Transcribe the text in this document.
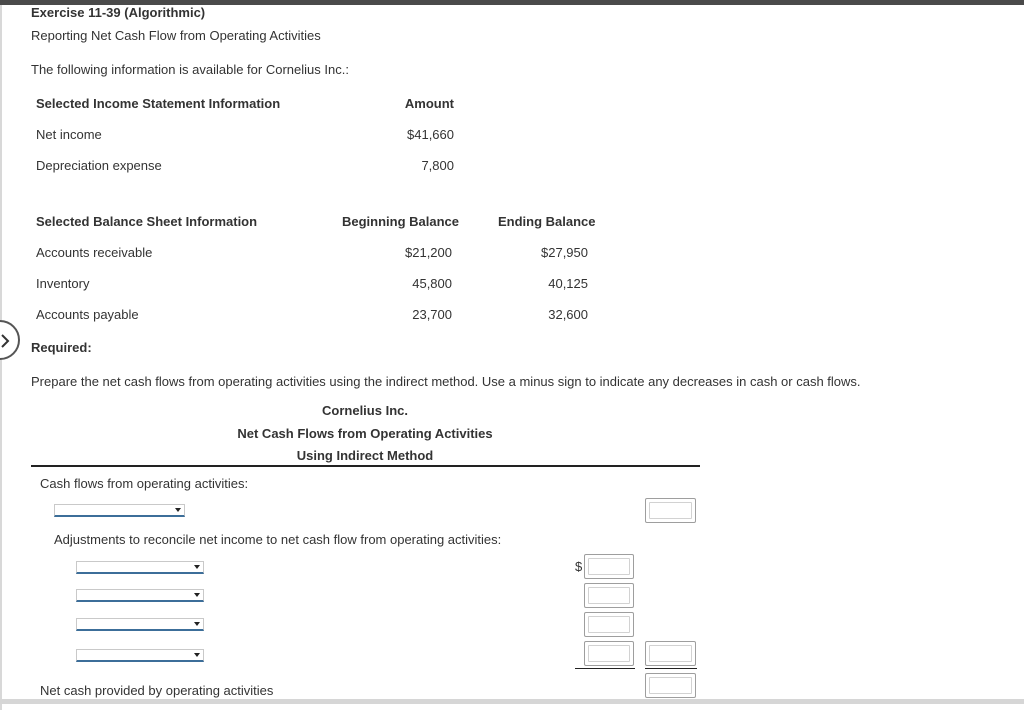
Exercise 11-39 (Algorithmic)
Reporting Net Cash Flow from Operating Activities
The following information is available for Cornelius Inc.:
Selected Income Statement Information	Amount
Net income	$41,660
Depreciation expense	7,800
Selected Balance Sheet Information	Beginning Balance	Ending Balance
Accounts receivable	$21,200	$27,950
Inventory	45,800	40,125
Accounts payable	23,700	32,600
Required:
Prepare the net cash flows from operating activities using the indirect method. Use a minus sign to indicate any decreases in cash or cash flows.
Cornelius Inc.
Net Cash Flows from Operating Activities
Using Indirect Method
Cash flows from operating activities:
Adjustments to reconcile net income to net cash flow from operating activities:
$
Net cash provided by operating activities
